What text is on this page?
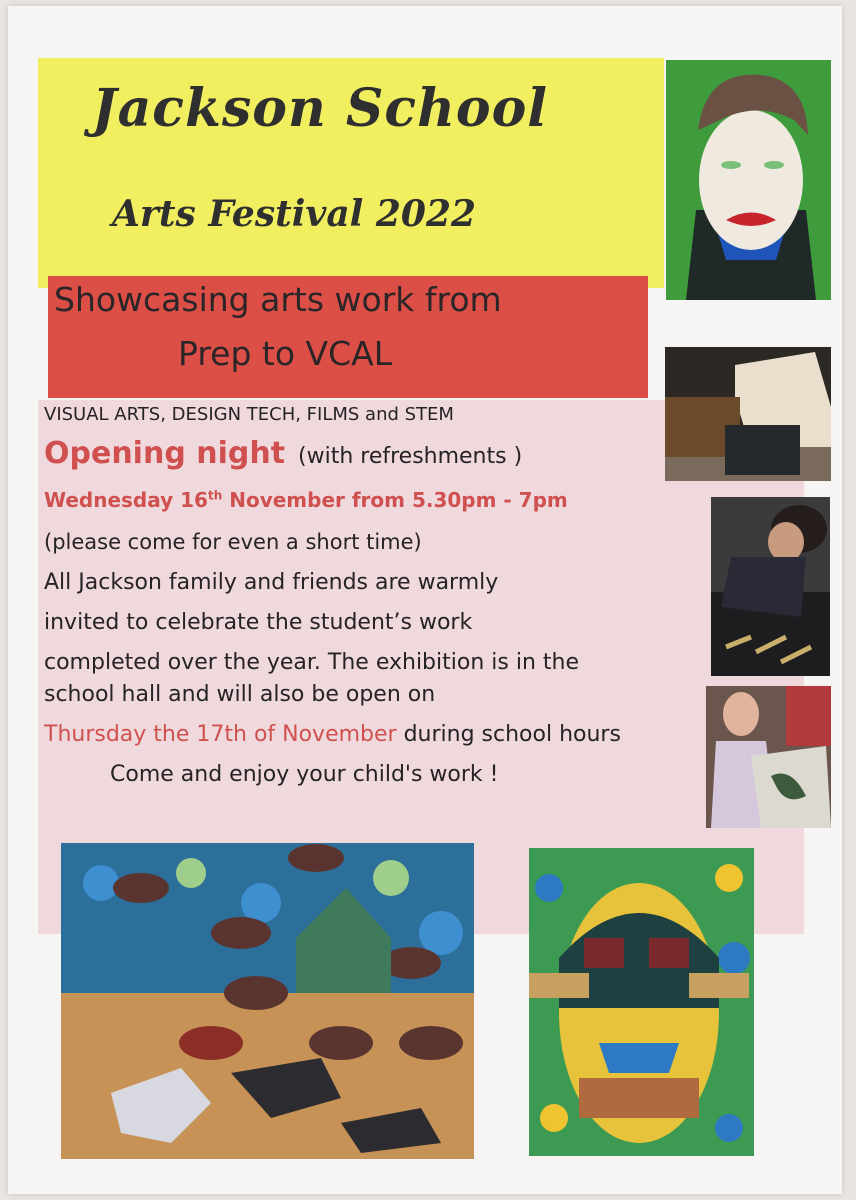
Jackson School
Arts Festival 2022
Showcasing arts work from
Prep to VCAL
VISUAL ARTS, DESIGN TECH, FILMS and STEM
Opening night (with refreshments )
Wednesday 16th November from 5.30pm - 7pm
(please come for even a short time)
All Jackson family and friends are warmly
invited to celebrate the student’s work
completed over the year. The exhibition is in the
school hall and will also be open on
Thursday the 17th of November during school hours
Come and enjoy your child's work !
